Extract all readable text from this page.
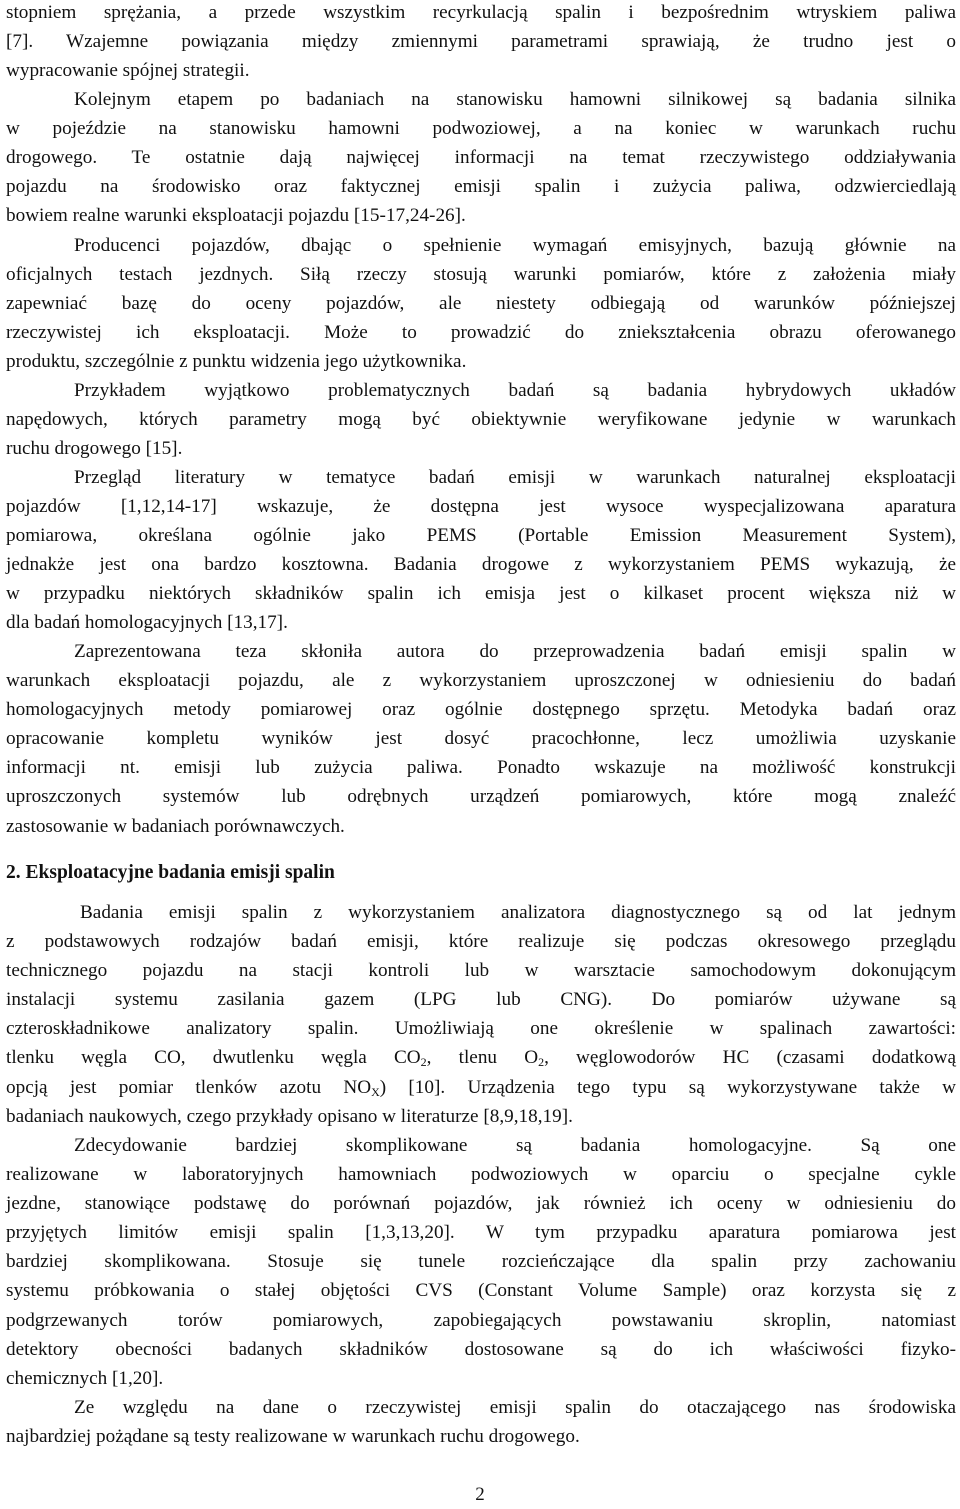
stopniem sprężania, a przede wszystkim recyrkulacją spalin i bezpośrednim wtryskiem paliwa
[7]. Wzajemne powiązania między zmiennymi parametrami sprawiają, że trudno jest o
wypracowanie spójnej strategii.
Kolejnym etapem po badaniach na stanowisku hamowni silnikowej są badania silnika
w pojeździe na stanowisku hamowni podwoziowej, a na koniec w warunkach ruchu
drogowego. Te ostatnie dają najwięcej informacji na temat rzeczywistego oddziaływania
pojazdu na środowisko oraz faktycznej emisji spalin i zużycia paliwa, odzwierciedlają
bowiem realne warunki eksploatacji pojazdu [15-17,24-26].
Producenci pojazdów, dbając o spełnienie wymagań emisyjnych, bazują głównie na
oficjalnych testach jezdnych. Siłą rzeczy stosują warunki pomiarów, które z założenia miały
zapewniać bazę do oceny pojazdów, ale niestety odbiegają od warunków późniejszej
rzeczywistej ich eksploatacji. Może to prowadzić do zniekształcenia obrazu oferowanego
produktu, szczególnie z punktu widzenia jego użytkownika.
Przykładem wyjątkowo problematycznych badań są badania hybrydowych układów
napędowych, których parametry mogą być obiektywnie weryfikowane jedynie w warunkach
ruchu drogowego [15].
Przegląd literatury w tematyce badań emisji w warunkach naturalnej eksploatacji
pojazdów [1,12,14-17] wskazuje, że dostępna jest wysoce wyspecjalizowana aparatura
pomiarowa, określana ogólnie jako PEMS (Portable Emission Measurement System),
jednakże jest ona bardzo kosztowna. Badania drogowe z wykorzystaniem PEMS wykazują, że
w przypadku niektórych składników spalin ich emisja jest o kilkaset procent większa niż w
dla badań homologacyjnych [13,17].
Zaprezentowana teza skłoniła autora do przeprowadzenia badań emisji spalin w
warunkach eksploatacji pojazdu, ale z wykorzystaniem uproszczonej w odniesieniu do badań
homologacyjnych metody pomiarowej oraz ogólnie dostępnego sprzętu. Metodyka badań oraz
opracowanie kompletu wyników jest dosyć pracochłonne, lecz umożliwia uzyskanie
informacji nt. emisji lub zużycia paliwa. Ponadto wskazuje na możliwość konstrukcji
uproszczonych systemów lub odrębnych urządzeń pomiarowych, które mogą znaleźć
zastosowanie w badaniach porównawczych.
2. Eksploatacyjne badania emisji spalin
Badania emisji spalin z wykorzystaniem analizatora diagnostycznego są od lat jednym
z podstawowych rodzajów badań emisji, które realizuje się podczas okresowego przeglądu
technicznego pojazdu na stacji kontroli lub w warsztacie samochodowym dokonującym
instalacji systemu zasilania gazem (LPG lub CNG). Do pomiarów używane są
czteroskładnikowe analizatory spalin. Umożliwiają one określenie w spalinach zawartości:
tlenku węgla CO, dwutlenku węgla $CO_2$, tlenu $O_2$, węglowodorów HC (czasami dodatkową
opcją jest pomiar tlenków azotu $NO_X$) [10]. Urządzenia tego typu są wykorzystywane także w
badaniach naukowych, czego przykłady opisano w literaturze [8,9,18,19].
Zdecydowanie bardziej skomplikowane są badania homologacyjne. Są one
realizowane w laboratoryjnych hamowniach podwoziowych w oparciu o specjalne cykle
jezdne, stanowiące podstawę do porównań pojazdów, jak również ich oceny w odniesieniu do
przyjętych limitów emisji spalin [1,3,13,20]. W tym przypadku aparatura pomiarowa jest
bardziej skomplikowana. Stosuje się tunele rozcieńczające dla spalin przy zachowaniu
systemu próbkowania o stałej objętości CVS (Constant Volume Sample) oraz korzysta się z
podgrzewanych torów pomiarowych, zapobiegających powstawaniu skroplin, natomiast
detektory obecności badanych składników dostosowane są do ich właściwości fizyko-
chemicznych [1,20].
Ze względu na dane o rzeczywistej emisji spalin do otaczającego nas środowiska
najbardziej pożądane są testy realizowane w warunkach ruchu drogowego.
2
